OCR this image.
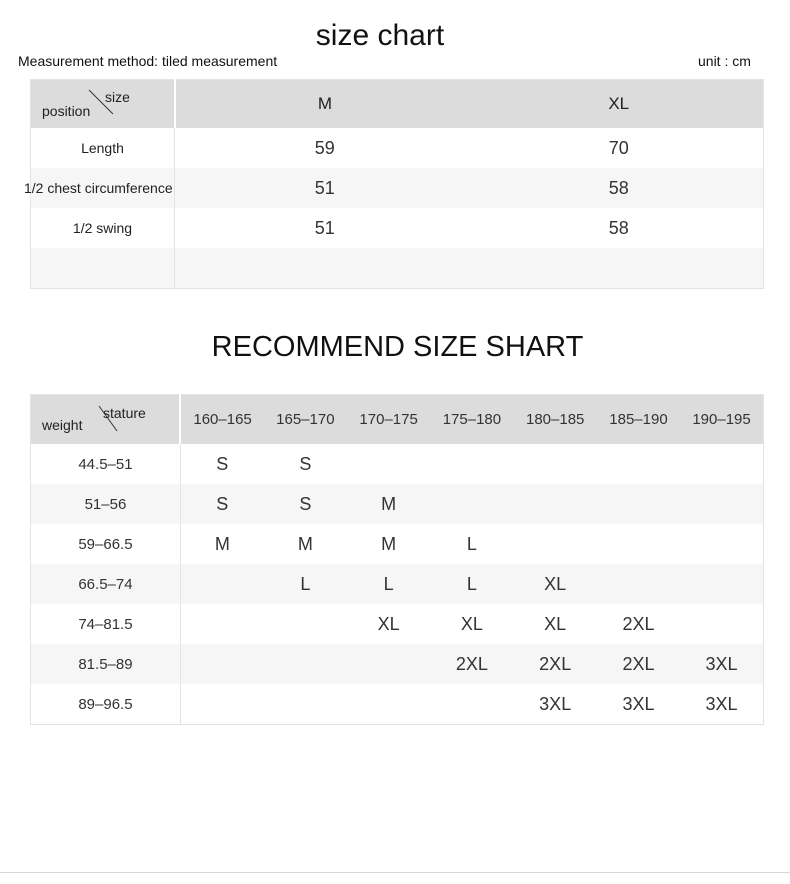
size chart
Measurement method: tiled measurement	unit : cm
size
position	M	XL
Length	59	70
1/2 chest circumference	51	58
1/2 swing	51	58

RECOMMEND SIZE SHART
stature
weight	160–165	165–170	170–175	175–180	180–185	185–190	190–195
44.5–51	S	S					
51–56	S	S	M				
59–66.5	M	M	M	L			
66.5–74		L	L	L	XL		
74–81.5			XL	XL	XL	2XL	
81.5–89				2XL	2XL	2XL	3XL
89–96.5					3XL	3XL	3XL
